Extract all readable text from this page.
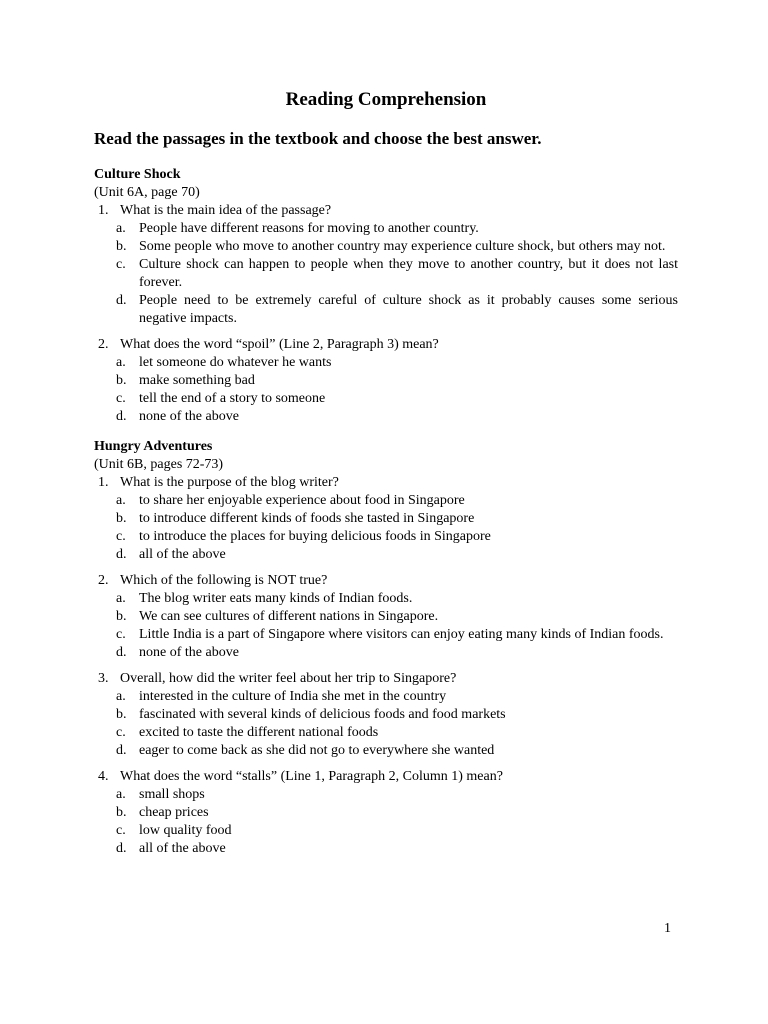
Reading Comprehension

Read the passages in the textbook and choose the best answer.

Culture Shock

(Unit 6A, page 70)

1. What is the main idea of the passage?
a. People have different reasons for moving to another country.
b. Some people who move to another country may experience culture shock, but others may not.
c. Culture shock can happen to people when they move to another country, but it does not last forever.
d. People need to be extremely careful of culture shock as it probably causes some serious negative impacts.
2. What does the word “spoil” (Line 2, Paragraph 3) mean?
a. let someone do whatever he wants
b. make something bad
c. tell the end of a story to someone
d. none of the above

Hungry Adventures

(Unit 6B, pages 72-73)

1. What is the purpose of the blog writer?
a. to share her enjoyable experience about food in Singapore
b. to introduce different kinds of foods she tasted in Singapore
c. to introduce the places for buying delicious foods in Singapore
d. all of the above
2. Which of the following is NOT true?
a. The blog writer eats many kinds of Indian foods.
b. We can see cultures of different nations in Singapore.
c. Little India is a part of Singapore where visitors can enjoy eating many kinds of Indian foods.
d. none of the above
3. Overall, how did the writer feel about her trip to Singapore?
a. interested in the culture of India she met in the country
b. fascinated with several kinds of delicious foods and food markets
c. excited to taste the different national foods
d. eager to come back as she did not go to everywhere she wanted
4. What does the word “stalls” (Line 1, Paragraph 2, Column 1) mean?
a. small shops
b. cheap prices
c. low quality food
d. all of the above
1
